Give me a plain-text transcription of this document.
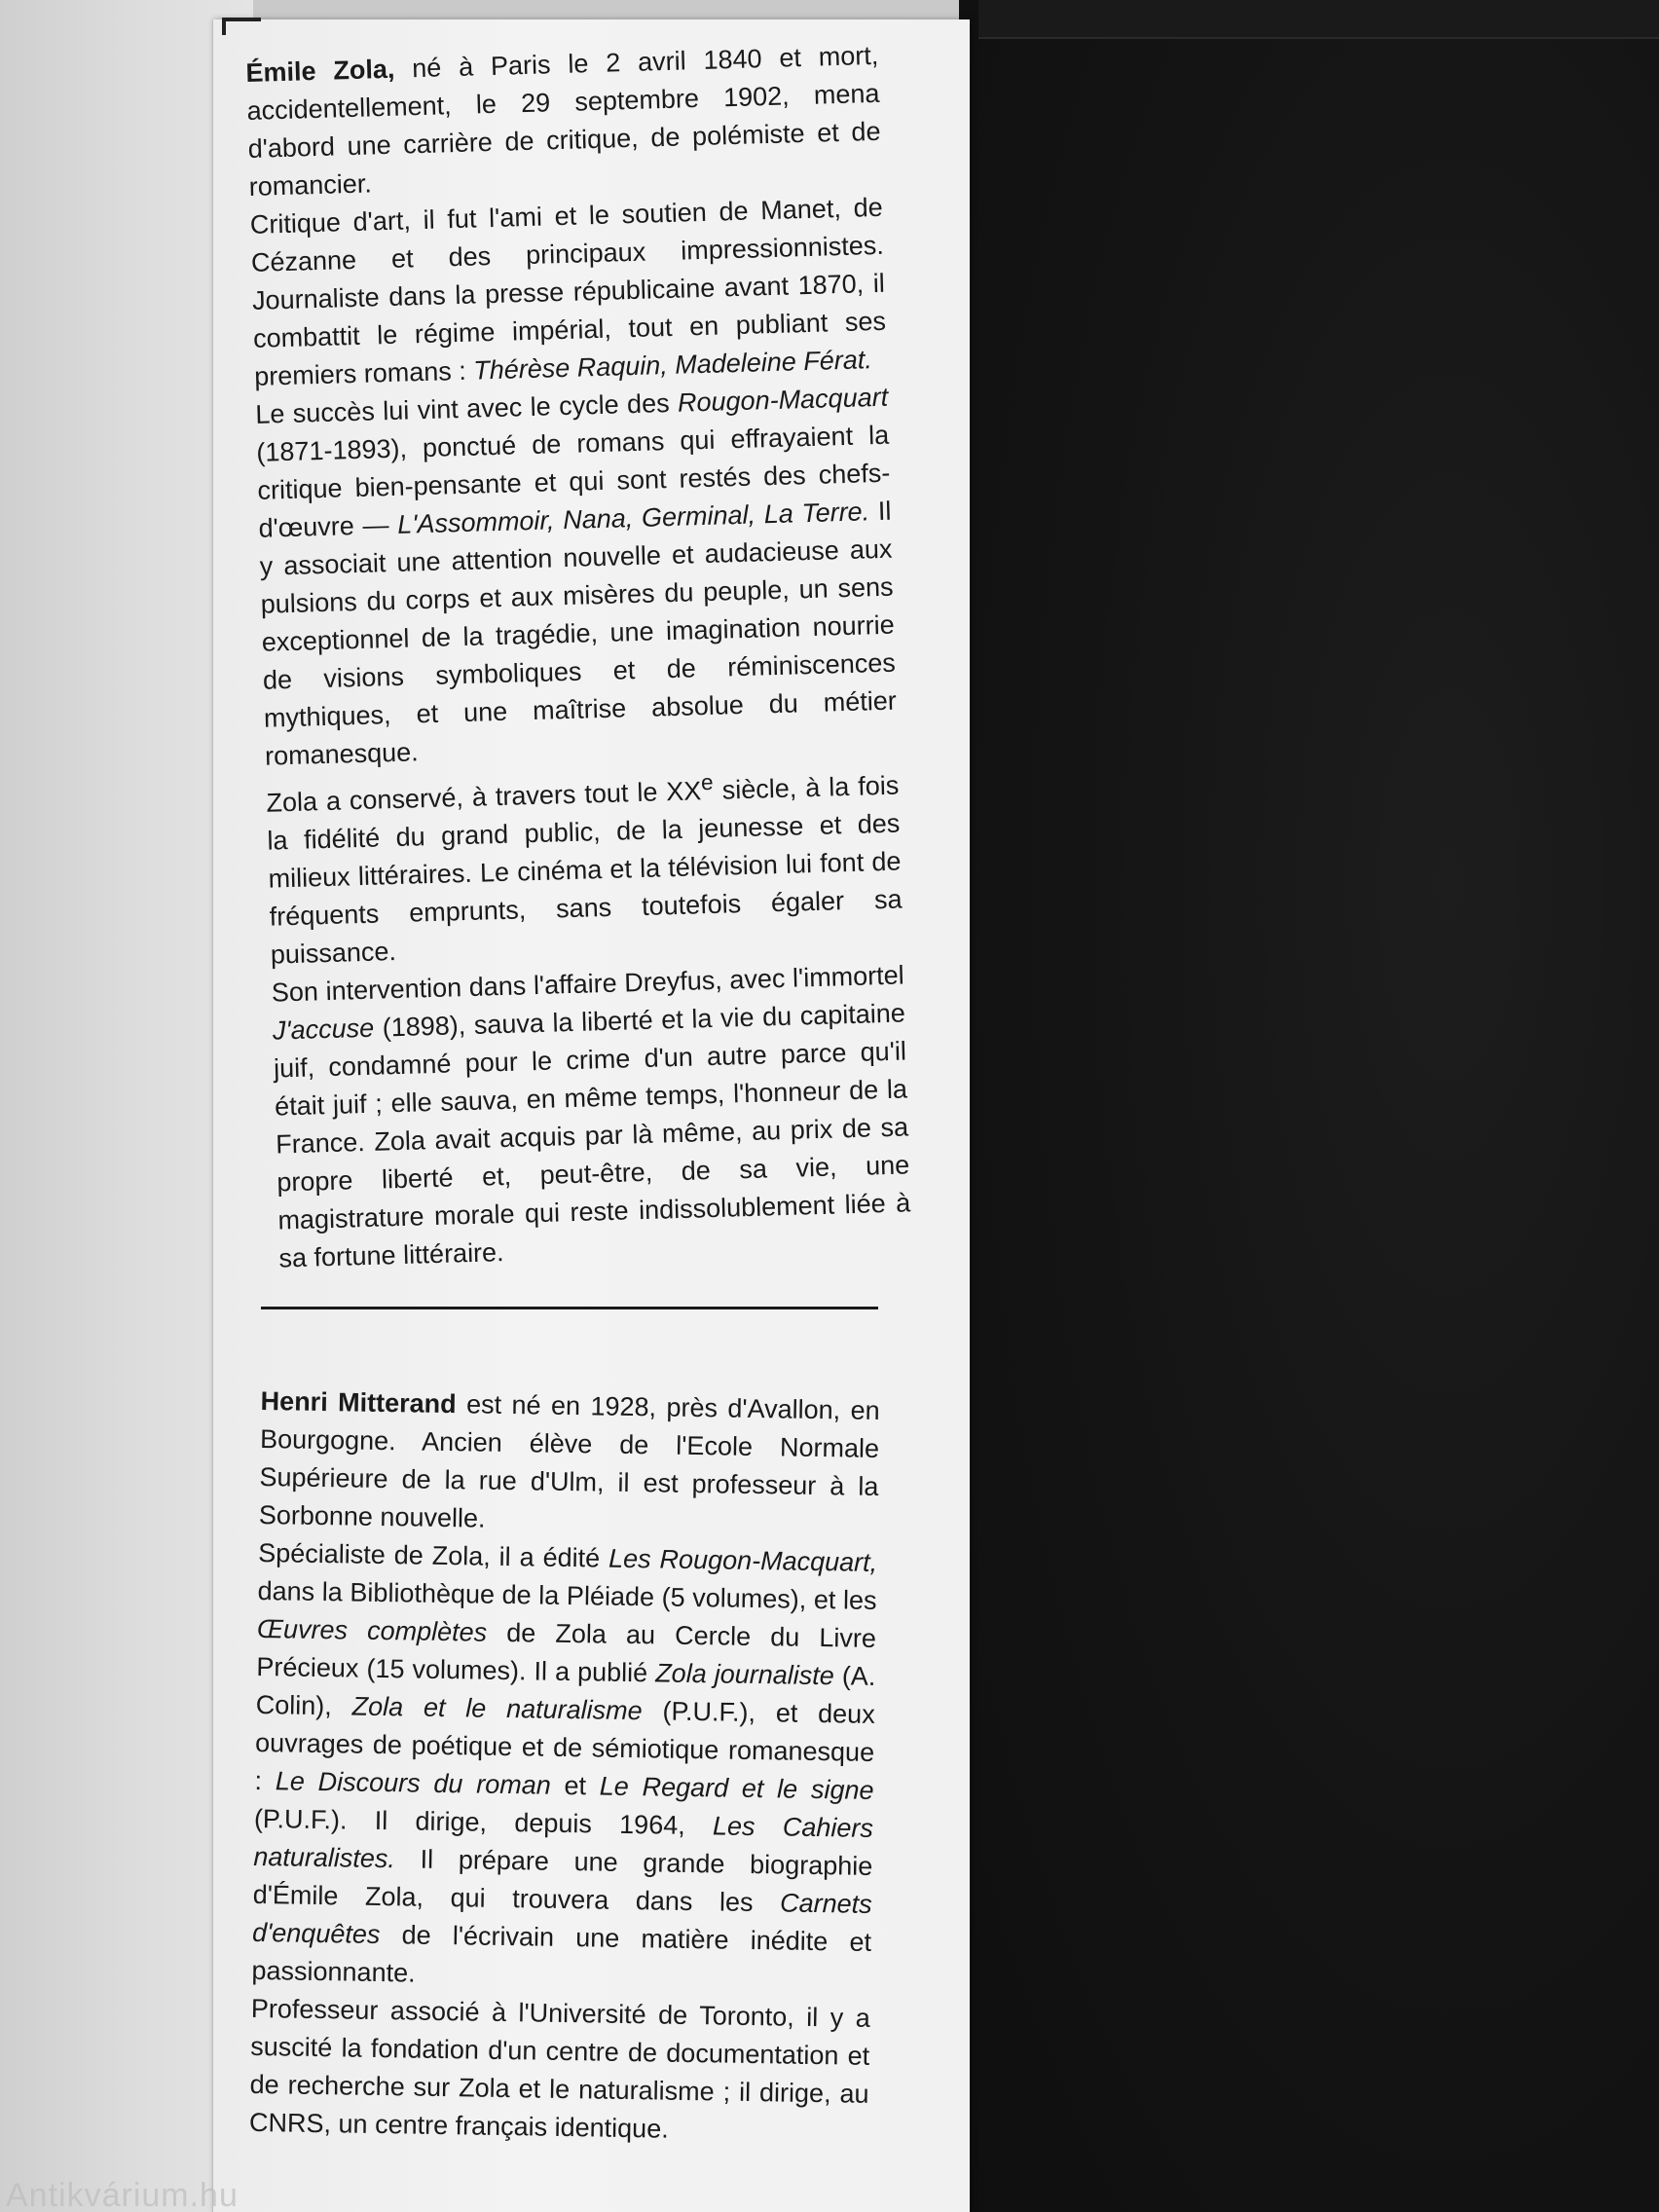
Émile Zola, né à Paris le 2 avril 1840 et mort, accidentellement, le 29 septembre 1902, mena d'abord une carrière de critique, de polémiste et de romancier.

Critique d'art, il fut l'ami et le soutien de Manet, de Cézanne et des principaux impressionnistes. Journaliste dans la presse républicaine avant 1870, il combattit le régime impérial, tout en publiant ses premiers romans : Thérèse Raquin, Madeleine Férat.

Le succès lui vint avec le cycle des Rougon-Macquart (1871-1893), ponctué de romans qui effrayaient la critique bien-pensante et qui sont restés des chefs-d'œuvre — L'Assommoir, Nana, Germinal, La Terre. Il y associait une attention nouvelle et audacieuse aux pulsions du corps et aux misères du peuple, un sens exceptionnel de la tragédie, une imagination nourrie de visions symboliques et de réminiscences mythiques, et une maîtrise absolue du métier romanesque.

Zola a conservé, à travers tout le XXe siècle, à la fois la fidélité du grand public, de la jeunesse et des milieux littéraires. Le cinéma et la télévision lui font de fréquents emprunts, sans toutefois égaler sa puissance.

Son intervention dans l'affaire Dreyfus, avec l'immortel J'accuse (1898), sauva la liberté et la vie du capitaine juif, condamné pour le crime d'un autre parce qu'il était juif ; elle sauva, en même temps, l'honneur de la France. Zola avait acquis par là même, au prix de sa propre liberté et, peut-être, de sa vie, une magistrature morale qui reste indissolublement liée à sa fortune littéraire.

Henri Mitterand est né en 1928, près d'Avallon, en Bourgogne. Ancien élève de l'Ecole Normale Supérieure de la rue d'Ulm, il est professeur à la Sorbonne nouvelle.

Spécialiste de Zola, il a édité Les Rougon-Macquart, dans la Bibliothèque de la Pléiade (5 volumes), et les Œuvres complètes de Zola au Cercle du Livre Précieux (15 volumes). Il a publié Zola journaliste (A. Colin), Zola et le naturalisme (P.U.F.), et deux ouvrages de poétique et de sémiotique romanesque : Le Discours du roman et Le Regard et le signe (P.U.F.). Il dirige, depuis 1964, Les Cahiers naturalistes. Il prépare une grande biographie d'Émile Zola, qui trouvera dans les Carnets d'enquêtes de l'écrivain une matière inédite et passionnante.

Professeur associé à l'Université de Toronto, il y a suscité la fondation d'un centre de documentation et de recherche sur Zola et le naturalisme ; il dirige, au CNRS, un centre français identique.

Antikvárium.hu
